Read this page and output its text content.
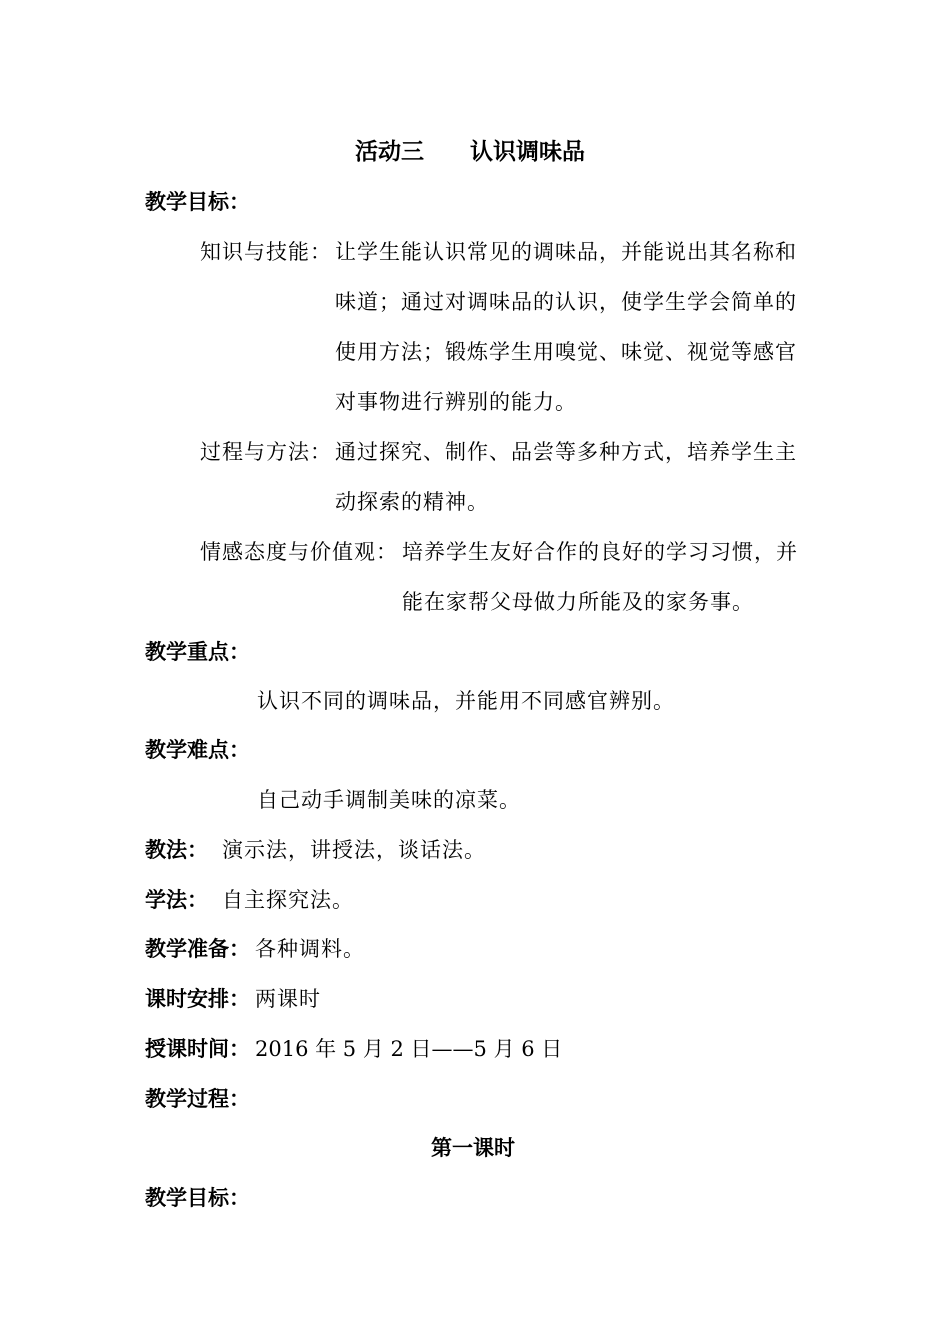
活动三　　认识调味品
教学目标：
知识与技能： 让学生能认识常见的调味品，并能说出其名称和
味道；通过对调味品的认识，使学生学会简单的
使用方法；锻炼学生用嗅觉、味觉、视觉等感官
对事物进行辨别的能力。
过程与方法： 通过探究、制作、品尝等多种方式，培养学生主
动探索的精神。
情感态度与价值观： 培养学生友好合作的良好的学习习惯，并
能在家帮父母做力所能及的家务事。
教学重点：
认识不同的调味品，并能用不同感官辨别。
教学难点：
自己动手调制美味的凉菜。
教法： 演示法，讲授法，谈话法。
学法： 自主探究法。
教学准备： 各种调料。
课时安排： 两课时
授课时间： 2016 年 5 月 2 日——5 月 6 日
教学过程：
第一课时
教学目标：
